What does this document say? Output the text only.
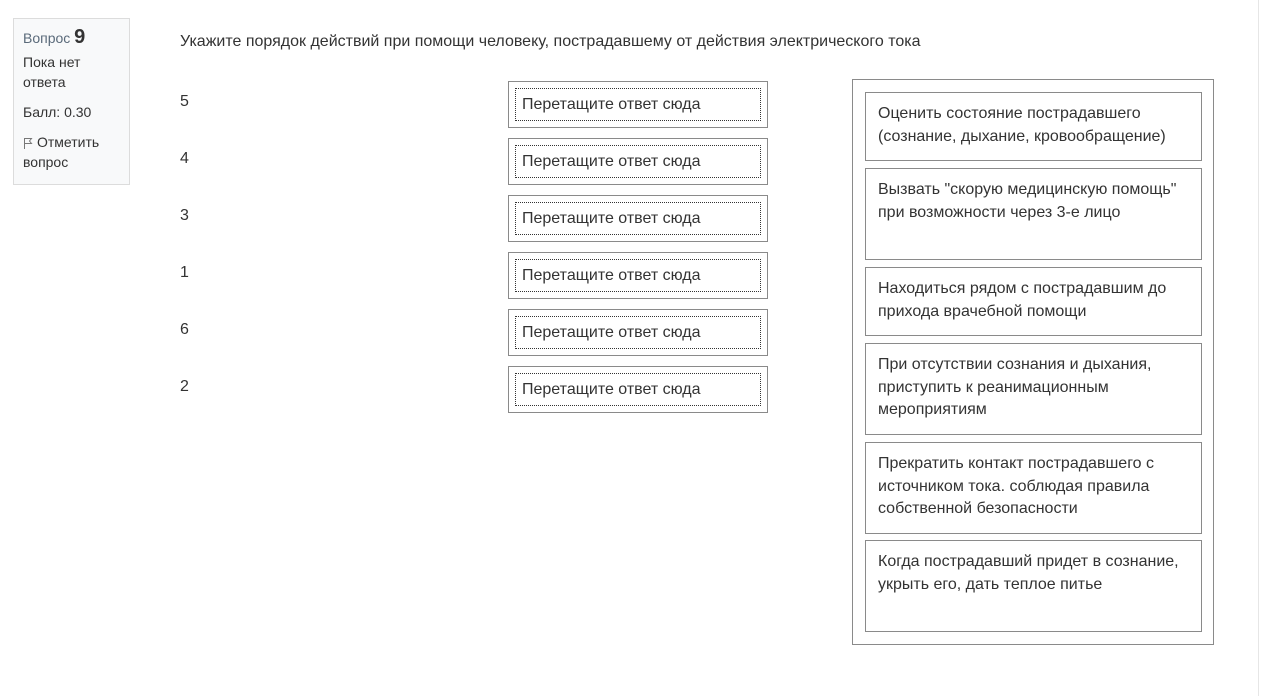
Вопрос 9
Пока нет ответа
Балл: 0.30
Отметить вопрос
Укажите порядок действий при помощи человеку, пострадавшему от действия электрического тока
5
4
3
1
6
2
Перетащите ответ сюда
Перетащите ответ сюда
Перетащите ответ сюда
Перетащите ответ сюда
Перетащите ответ сюда
Перетащите ответ сюда
Оценить состояние пострадавшего (сознание, дыхание, кровообращение)
Вызвать "скорую медицинскую помощь" при возможности через 3-е лицо
Находиться рядом с пострадавшим до прихода врачебной помощи
При отсутствии сознания и дыхания, приступить к реанимационным мероприятиям
Прекратить контакт пострадавшего с источником тока. соблюдая правила собственной безопасности
Когда пострадавший придет в сознание, укрыть его, дать теплое питье
